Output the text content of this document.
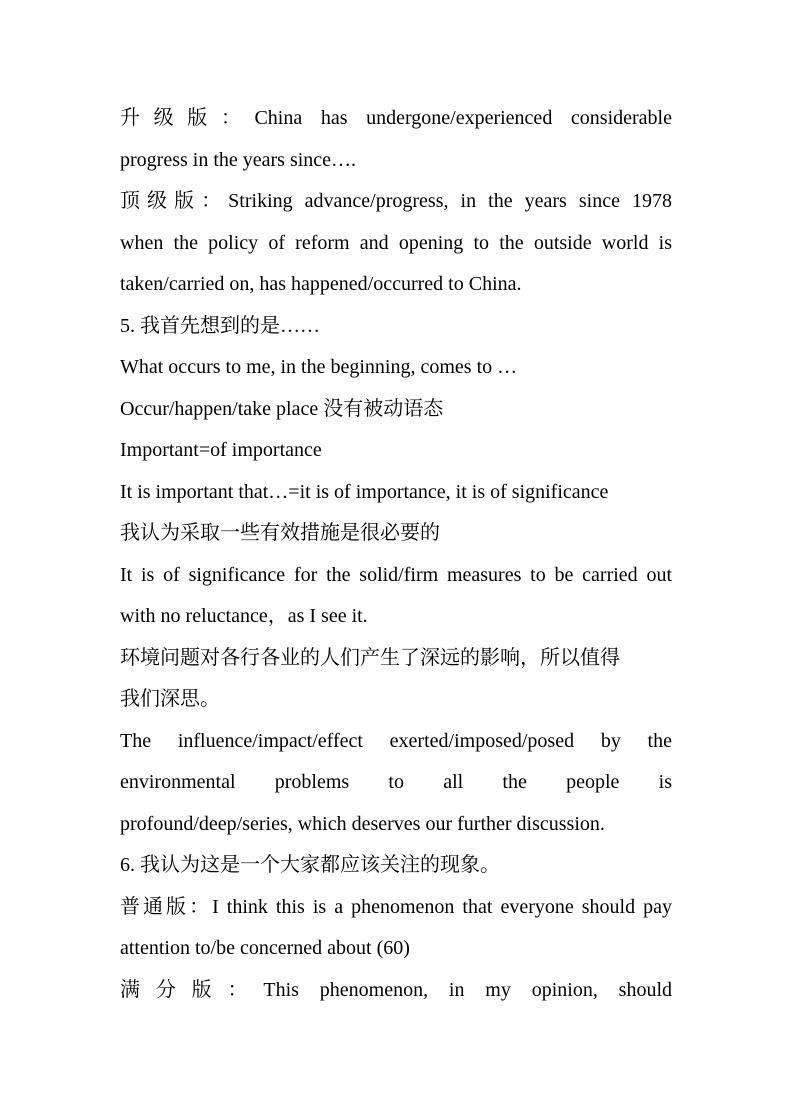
升级版：China has undergone/experienced considerable
progress in the years since….
顶级版：Striking advance/progress, in the years since 1978
when the policy of reform and opening to the outside world is
taken/carried on, has happened/occurred to China.
5. 我首先想到的是……
What occurs to me, in the beginning, comes to …
Occur/happen/take place 没有被动语态
Important=of importance
It is important that…=it is of importance, it is of significance
我认为采取一些有效措施是很必要的
It is of significance for the solid/firm measures to be carried out
with no reluctance，as I see it.
环境问题对各行各业的人们产生了深远的影响，所以值得
我们深思。
The influence/impact/effect exerted/imposed/posed by the
environmental problems to all the people is
profound/deep/series, which deserves our further discussion.
6. 我认为这是一个大家都应该关注的现象。
普通版：I think this is a phenomenon that everyone should pay
attention to/be concerned about (60)
满分版：This phenomenon, in my opinion, should
